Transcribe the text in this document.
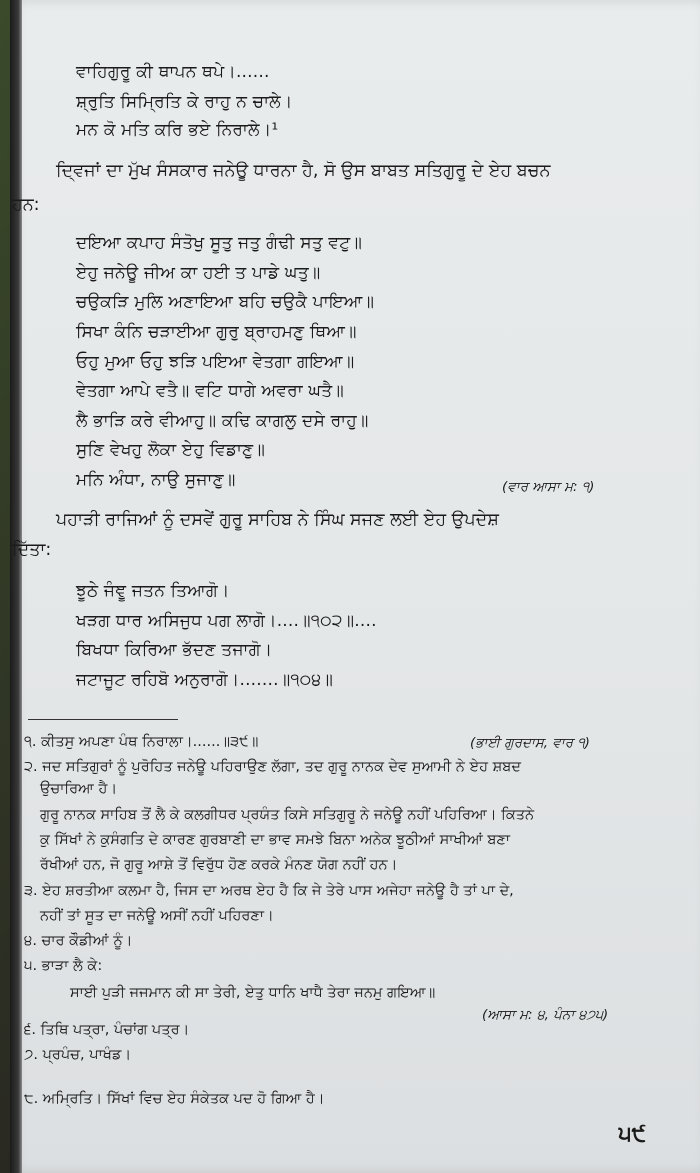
ਵਾਹਿਗੁਰੂ ਕੀ ਥਾਪਨ ਥਪੇ।......
ਸ਼੍ਰੁਤਿ ਸਿਮ੍ਰਿਤਿ ਕੇ ਰਾਹੁ ਨ ਚਾਲੇ।
ਮਨ ਕੋ ਮਤਿ ਕਰਿ ਭਏ ਨਿਰਾਲੇ।¹
ਦ੍ਵਿਜਾਂ ਦਾ ਮੁੱਖ ਸੰਸਕਾਰ ਜਨੇਊ ਧਾਰਨਾ ਹੈ, ਸੋ ਉਸ ਬਾਬਤ ਸਤਿਗੁਰੂ ਦੇ ਏਹ ਬਚਨ
ਹਨ:
ਦਇਆ ਕਪਾਹ ਸੰਤੋਖੁ ਸੂਤੁ ਜਤੁ ਗੰਢੀ ਸਤੁ ਵਟੁ॥
ਏਹੁ ਜਨੇਊ ਜੀਅ ਕਾ ਹਈ ਤ ਪਾਡੇ ਘਤੁ॥
ਚਉਕੜਿ ਮੁਲਿ ਅਣਾਇਆ ਬਹਿ ਚਉਕੈ ਪਾਇਆ॥
ਸਿਖਾ ਕੰਨਿ ਚੜਾਈਆ ਗੁਰੁ ਬ੍ਰਾਹਮਣੁ ਥਿਆ॥
ਓਹੁ ਮੁਆ ਓਹੁ ਝੜਿ ਪਇਆ ਵੇਤਗਾ ਗਇਆ॥
ਵੇਤਗਾ ਆਪੇ ਵਤੈ॥ ਵਟਿ ਧਾਗੇ ਅਵਰਾ ਘਤੈ॥
ਲੈ ਭਾੜਿ ਕਰੇ ਵੀਆਹੁ॥ ਕਢਿ ਕਾਗਲੁ ਦਸੇ ਰਾਹੁ॥
ਸੁਣਿ ਵੇਖਹੁ ਲੋਕਾ ਏਹੁ ਵਿਡਾਣੁ॥
ਮਨਿ ਅੰਧਾ, ਨਾਉ ਸੁਜਾਣੁ॥	(ਵਾਰ ਆਸਾ ਮ: ੧)
ਪਹਾੜੀ ਰਾਜਿਆਂ ਨੂੰ ਦਸਵੇਂ ਗੁਰੂ ਸਾਹਿਬ ਨੇ ਸਿੰਘ ਸਜਣ ਲਈ ਏਹ ਉਪਦੇਸ਼
ਦਿੱਤਾ:
ਝੂਠੇ ਜੰਞੂ ਜਤਨ ਤਿਆਗੋ।
ਖੜਗ ਧਾਰ ਅਸਿਜੁਧ ਪਗ ਲਾਗੋ।....॥੧੦੨॥....
ਬਿਖਧਾ ਕਿਰਿਆ ਭੱਦਣ ਤਜਾਗੋ।
ਜਟਾਜੂਟ ਰਹਿਬੋ ਅਨੁਰਾਗੋ।.......॥੧੦੪॥
੧. ਕੀਤਸੁ ਅਪਣਾ ਪੰਥ ਨਿਰਾਲਾ।......॥੩੯॥	(ਭਾਈ ਗੁਰਦਾਸ, ਵਾਰ ੧)
੨. ਜਦ ਸਤਿਗੁਰਾਂ ਨੂੰ ਪੁਰੋਹਿਤ ਜਨੇਊ ਪਹਿਰਾਉਣ ਲੱਗਾ, ਤਦ ਗੁਰੂ ਨਾਨਕ ਦੇਵ ਸੁਆਮੀ ਨੇ ਏਹ ਸ਼ਬਦ
ਉਚਾਰਿਆ ਹੈ।
ਗੁਰੂ ਨਾਨਕ ਸਾਹਿਬ ਤੋਂ ਲੈ ਕੇ ਕਲਗੀਧਰ ਪ੍ਰਯੰਤ ਕਿਸੇ ਸਤਿਗੁਰੂ ਨੇ ਜਨੇਊ ਨਹੀਂ ਪਹਿਰਿਆ। ਕਿਤਨੇ
ਕੁ ਸਿੱਖਾਂ ਨੇ ਕੁਸੰਗਤਿ ਦੇ ਕਾਰਣ ਗੁਰਬਾਣੀ ਦਾ ਭਾਵ ਸਮਝੇ ਬਿਨਾ ਅਨੇਕ ਝੂਠੀਆਂ ਸਾਖੀਆਂ ਬਣਾ
ਰੱਖੀਆਂ ਹਨ, ਜੋ ਗੁਰੂ ਆਸ਼ੇ ਤੋਂ ਵਿਰੁੱਧ ਹੋਣ ਕਰਕੇ ਮੰਨਣ ਯੋਗ ਨਹੀਂ ਹਨ।
੩. ਏਹ ਸ਼ਰਤੀਆ ਕਲਮਾ ਹੈ, ਜਿਸ ਦਾ ਅਰਥ ਏਹ ਹੈ ਕਿ ਜੇ ਤੇਰੇ ਪਾਸ ਅਜੇਹਾ ਜਨੇਊ ਹੈ ਤਾਂ ਪਾ ਦੇ,
ਨਹੀਂ ਤਾਂ ਸੂਤ ਦਾ ਜਨੇਊ ਅਸੀਂ ਨਹੀਂ ਪਹਿਰਣਾ।
੪. ਚਾਰ ਕੌਡੀਆਂ ਨੂੰ।
੫. ਭਾੜਾ ਲੈ ਕੇ:
ਸਾਈ ਪੁੜੀ ਜਜਮਾਨ ਕੀ ਸਾ ਤੇਰੀ, ਏਤੁ ਧਾਨਿ ਖਾਧੈ ਤੇਰਾ ਜਨਮੁ ਗਇਆ॥
(ਆਸਾ ਮ: ੪, ਪੰਨਾ ੪੭੫)
੬. ਤਿਥਿ ਪਤ੍ਰਾ, ਪੰਚਾਂਗ ਪਤ੍ਰ।
੭. ਪ੍ਰਪੰਚ, ਪਾਖੰਡ।
੮. ਅਮ੍ਰਿਤਿ। ਸਿੱਖਾਂ ਵਿਚ ਏਹ ਸੰਕੇਤਕ ਪਦ ਹੋ ਗਿਆ ਹੈ।
੫੯
